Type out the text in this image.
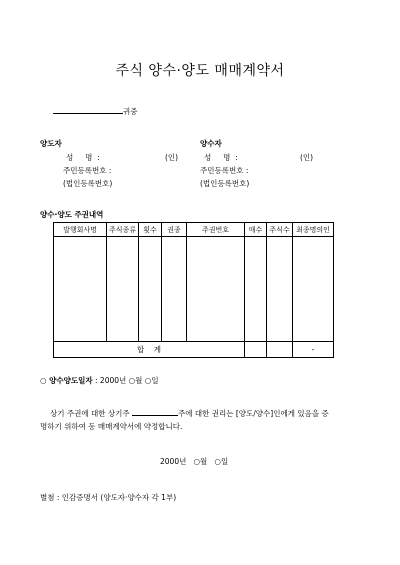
주식 양수·양도 매매계약서
귀중
양도자
성     명  :	(인)
주민등록번호 :
(법인등록번호)
양수자
성     명  :	(인)
주민등록번호 :
(법인등록번호)
양수·양도 주권내역
발행회사명	주식종류	횟수	권종	주권번호	매수	주식수	최종명의인

합    계							-
○ 양수양도일자 : 2000년 ○월 ○일
상기 주권에 대한 상기주	주에 대한 권리는 [양도/양수]인에게 있음을 증
명하기 위하여 동 매매계약서에 약정합니다.
2000년   ○월   ○일
별첨 : 인감증명서 (양도자·양수자 각 1부)
